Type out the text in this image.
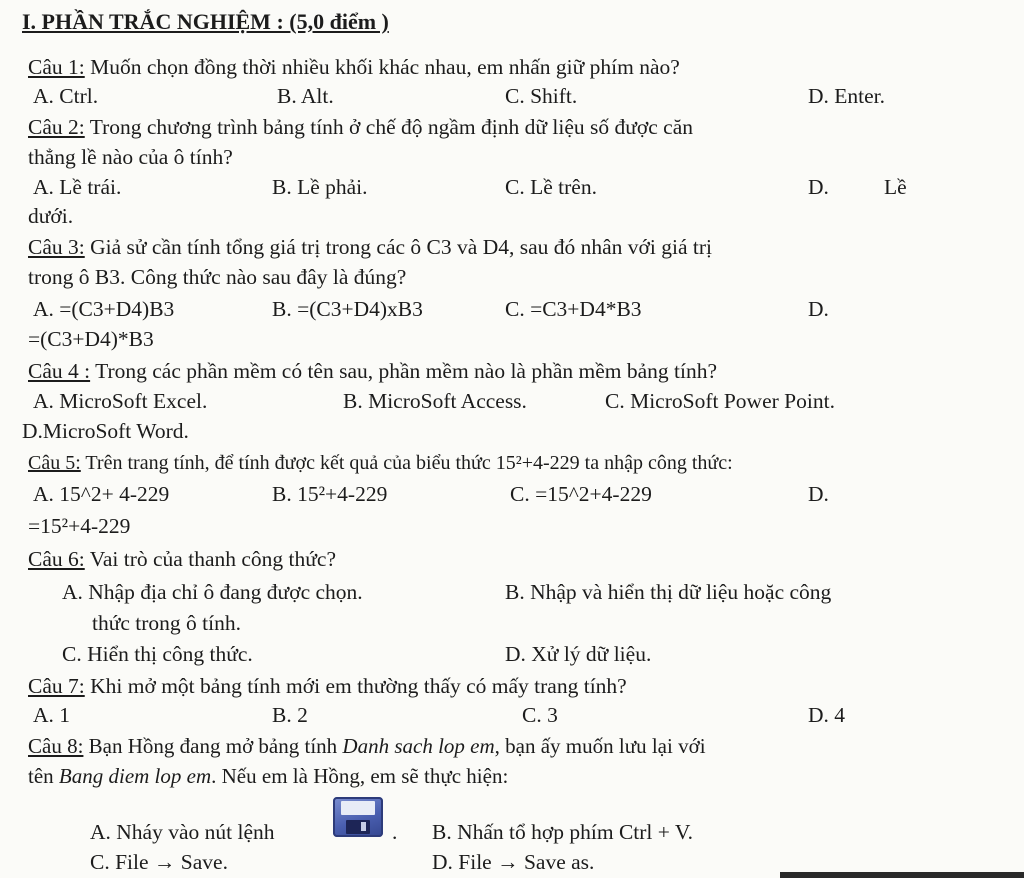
I. PHẦN TRẮC NGHIỆM : (5,0 điểm )
Câu 1: Muốn chọn đồng thời nhiều khối khác nhau, em nhấn giữ phím nào?
A. Ctrl.	B. Alt.	C. Shift.	D. Enter.
Câu 2: Trong chương trình bảng tính ở chế độ ngầm định dữ liệu số được căn
thẳng lề nào của ô tính?
A. Lề trái.	B. Lề phải.	C. Lề trên.	D.	Lề
dưới.
Câu 3: Giả sử cần tính tổng giá trị trong các ô C3 và D4, sau đó nhân với giá trị
trong ô B3. Công thức nào sau đây là đúng?
A. =(C3+D4)B3	B. =(C3+D4)xB3	C. =C3+D4*B3	D.
=(C3+D4)*B3
Câu 4 : Trong các phần mềm có tên sau, phần mềm nào là phần mềm bảng tính?
A. MicroSoft Excel.	B. MicroSoft Access.	C. MicroSoft Power Point.
D.MicroSoft Word.
Câu 5: Trên trang tính, để tính được kết quả của biểu thức 15²+4-229 ta nhập công thức:
A. 15^2+ 4-229	B. 15²+4-229	C. =15^2+4-229	D.
=15²+4-229
Câu 6: Vai trò của thanh công thức?
A. Nhập địa chỉ ô đang được chọn.	B. Nhập và hiển thị dữ liệu hoặc công
thức trong ô tính.
C. Hiển thị công thức.	D. Xử lý dữ liệu.
Câu 7: Khi mở một bảng tính mới em thường thấy có mấy trang tính?
A. 1	B. 2	C. 3	D. 4
Câu 8: Bạn Hồng đang mở bảng tính Danh sach lop em, bạn ấy muốn lưu lại với
tên Bang diem lop em. Nếu em là Hồng, em sẽ thực hiện:
A. Nháy vào nút lệnh	. B. Nhấn tổ hợp phím Ctrl + V.
C. File → Save.	D. File → Save as.
